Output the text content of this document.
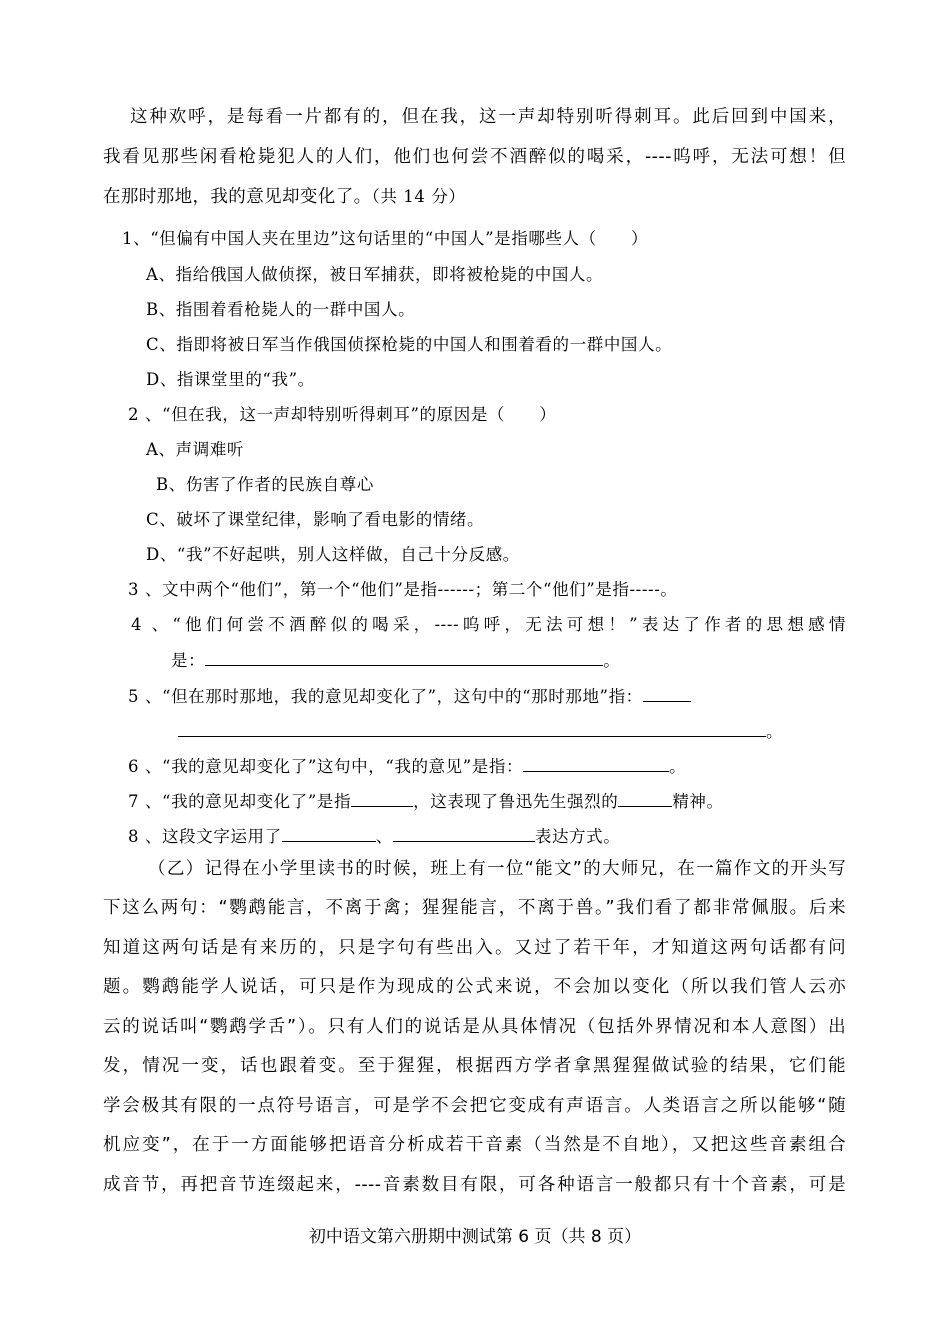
这种欢呼，是每看一片都有的，但在我，这一声却特别听得刺耳。此后回到中国来，
我看见那些闲看枪毙犯人的人们，他们也何尝不酒醉似的喝采，----呜呼，无法可想！但
在那时那地，我的意见却变化了。（共 14 分）
1、“但偏有中国人夹在里边”这句话里的“中国人”是指哪些人（　　）
A、指给俄国人做侦探，被日军捕获，即将被枪毙的中国人。
B、指围着看枪毙人的一群中国人。
C、指即将被日军当作俄国侦探枪毙的中国人和围着看的一群中国人。
D、指课堂里的“我”。
2 、“但在我，这一声却特别听得刺耳”的原因是（　　）
A、声调难听
B、伤害了作者的民族自尊心
C、破坏了课堂纪律，影响了看电影的情绪。
D、“我”不好起哄，别人这样做，自己十分反感。
3 、文中两个“他们”，第一个“他们”是指------；第二个“他们”是指-----。
4 、“他们何尝不酒醉似的喝采，----呜呼，无法可想！”表达了作者的思想感情
是：	。
5 、“但在那时那地，我的意见却变化了”，这句中的“那时那地”指：
。
6 、“我的意见却变化了”这句中，“我的意见”是指：	。
7 、“我的意见却变化了”是指	，这表现了鲁迅先生强烈的	精神。
8 、这段文字运用了	、	表达方式。
（乙）记得在小学里读书的时候，班上有一位“能文”的大师兄，在一篇作文的开头写
下这么两句：“鹦鹉能言，不离于禽；猩猩能言，不离于兽。”我们看了都非常佩服。后来
知道这两句话是有来历的，只是字句有些出入。又过了若干年，才知道这两句话都有问
题。鹦鹉能学人说话，可只是作为现成的公式来说，不会加以变化（所以我们管人云亦
云的说话叫“鹦鹉学舌”）。只有人们的说话是从具体情况（包括外界情况和本人意图）出
发，情况一变，话也跟着变。至于猩猩，根据西方学者拿黑猩猩做试验的结果，它们能
学会极其有限的一点符号语言，可是学不会把它变成有声语言。人类语言之所以能够“随
机应变”，在于一方面能够把语音分析成若干音素（当然是不自地），又把这些音素组合
成音节，再把音节连缀起来，----音素数目有限，可各种语言一般都只有十个音素，可是
初中语文第六册期中测试第 6 页（共 8 页）
